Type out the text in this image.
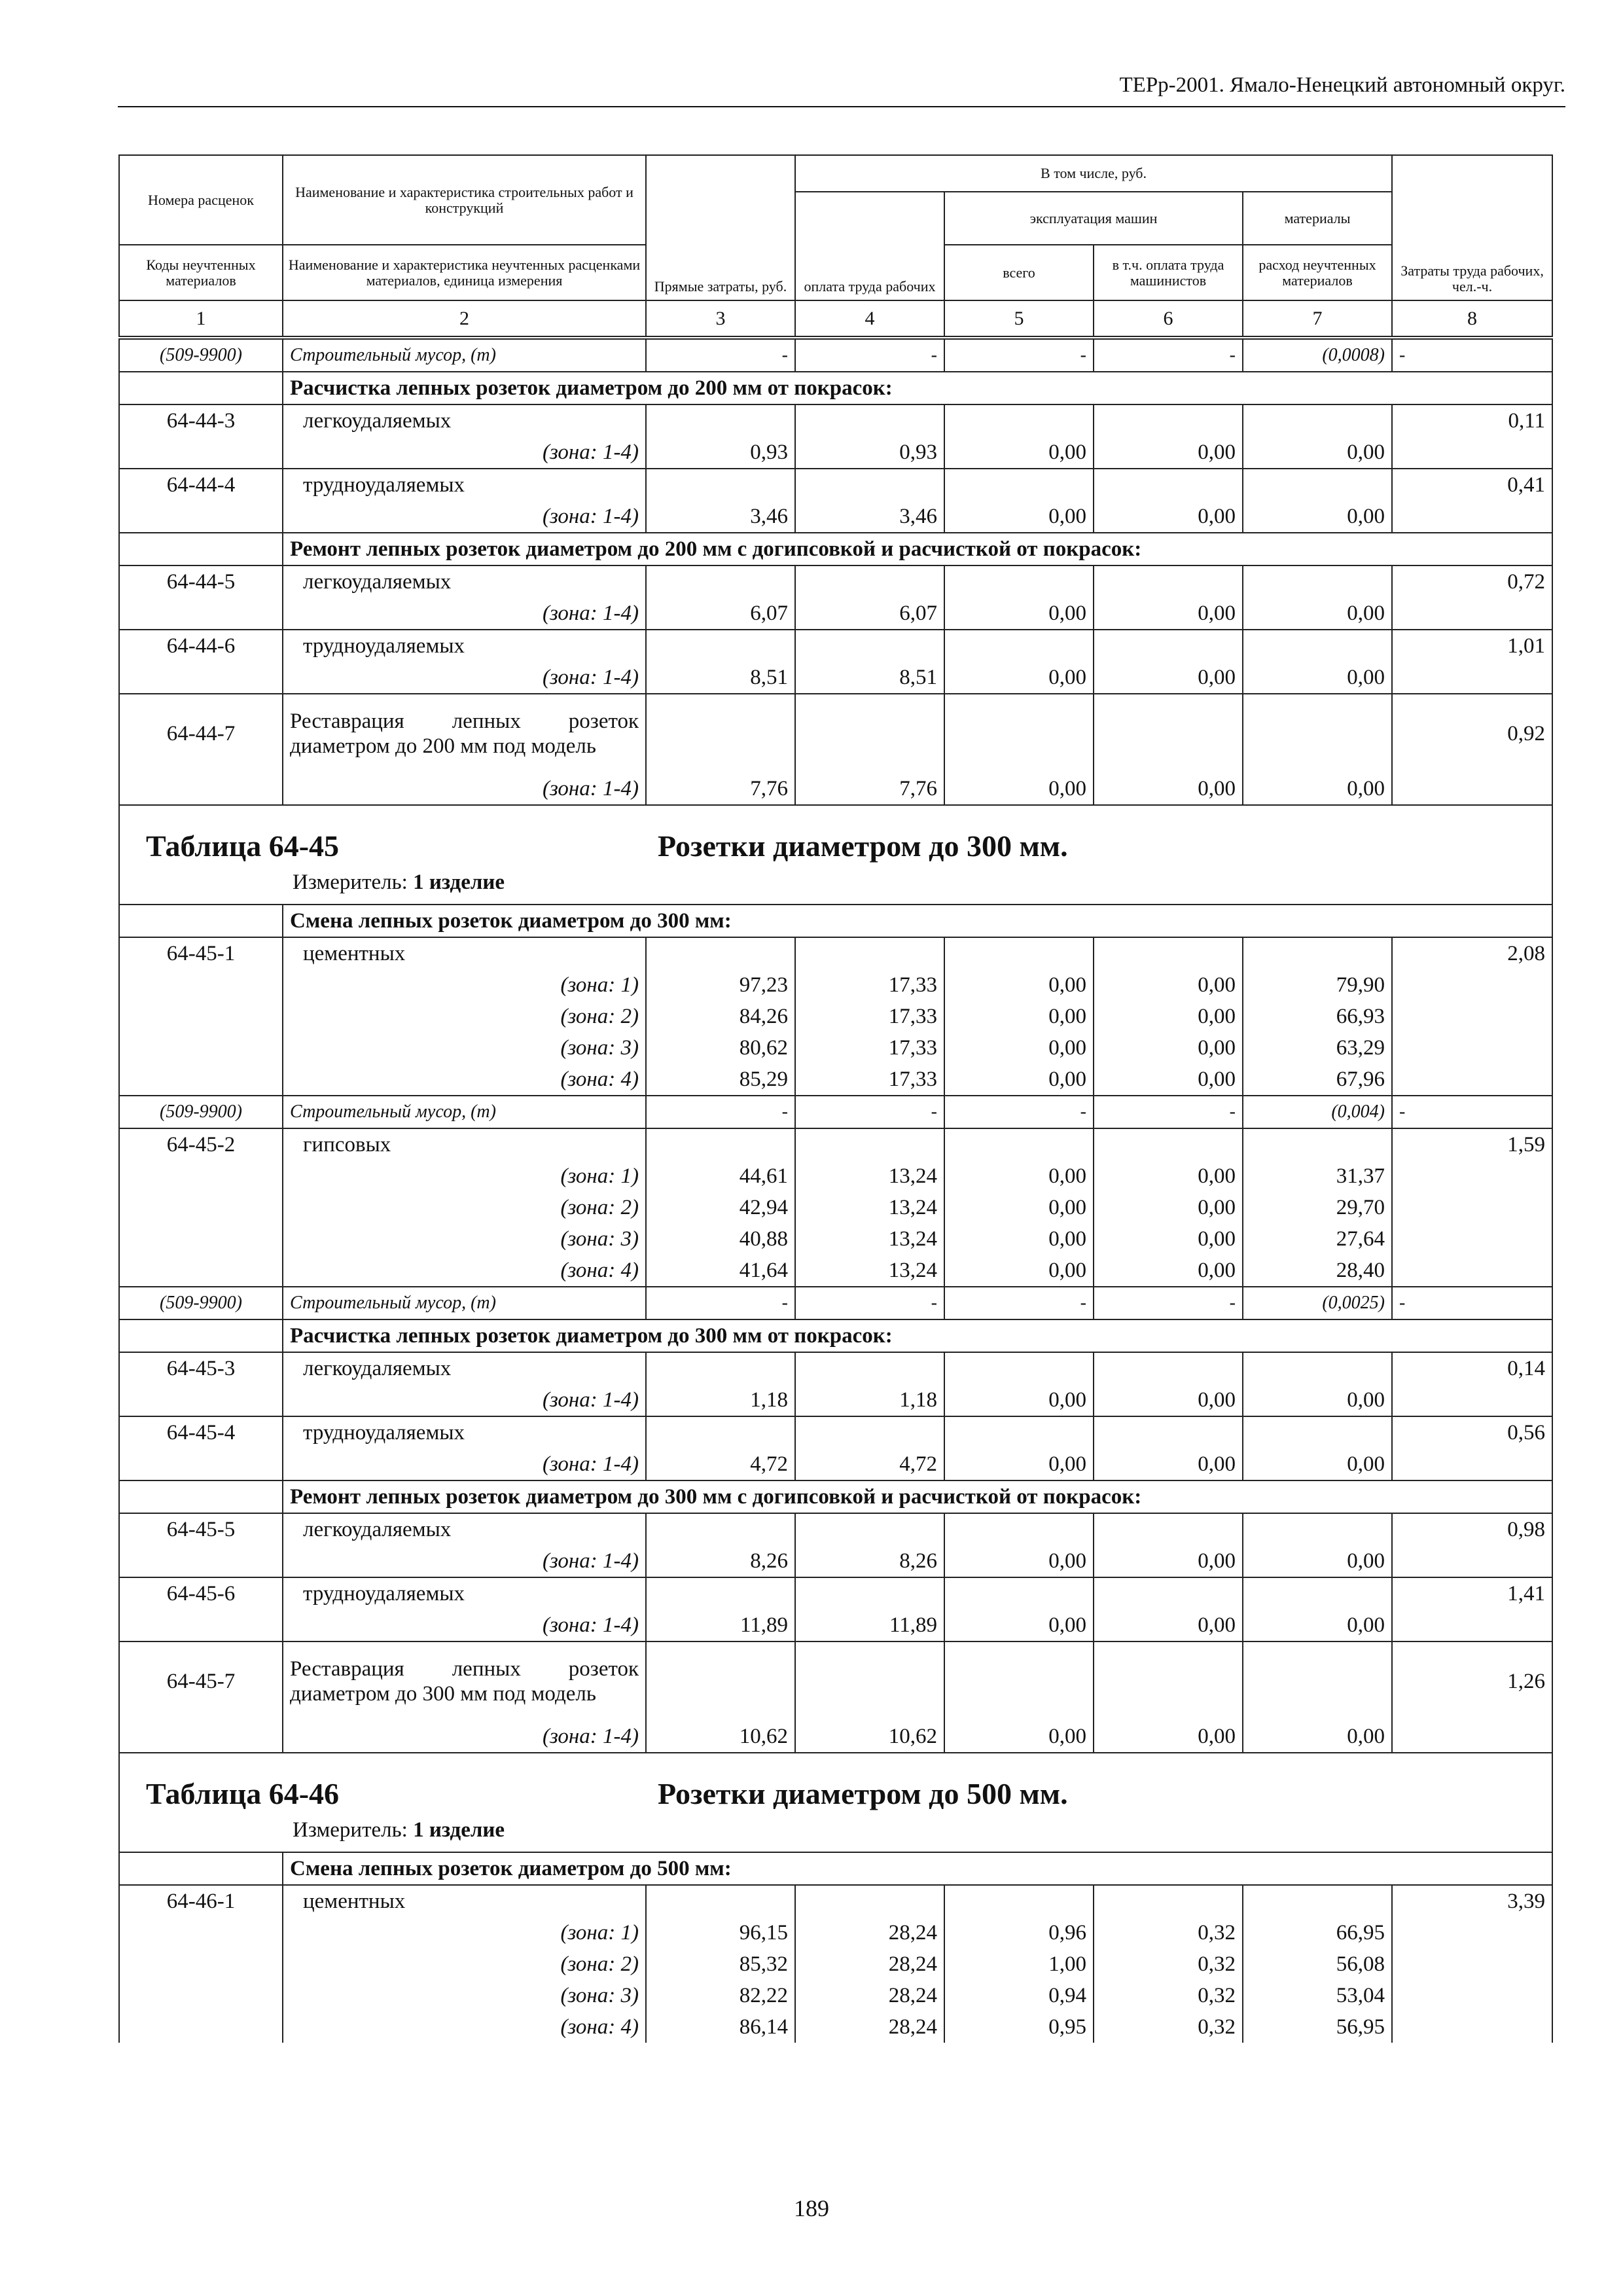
ТЕРр-2001. Ямало-Ненецкий автономный округ.
Номера расценок	Наименование и характеристика строительных работ и конструкций	Прямые затраты, руб.	В том числе, руб.				Затраты труда рабочих, чел.-ч.
			оплата труда рабочих	эксплуатация машин		материалы	
Коды неучтенных материалов	Наименование и характеристика неучтенных расценками материалов, единица измерения			всего	в т.ч. оплата труда машинистов	расход неучтенных материалов	
1	2	3	4	5	6	7	8
(509-9900)	Строительный мусор, (т)	-	-	-	-	(0,0008)	-
	Расчистка лепных розеток диаметром до 200 мм от покрасок:						
64-44-3	легкоудаляемых						0,11
	(зона: 1-4)	0,93	0,93	0,00	0,00	0,00	
64-44-4	трудноудаляемых						0,41
	(зона: 1-4)	3,46	3,46	0,00	0,00	0,00	
	Ремонт лепных розеток диаметром до 200 мм с догипсовкой и расчисткой от покрасок:						
64-44-5	легкоудаляемых						0,72
	(зона: 1-4)	6,07	6,07	0,00	0,00	0,00	
64-44-6	трудноудаляемых						1,01
	(зона: 1-4)	8,51	8,51	0,00	0,00	0,00	
64-44-7	Реставрация лепных розеток диаметром до 200 мм под модель						0,92
	(зона: 1-4)	7,76	7,76	0,00	0,00	0,00	

Таблица 64-45 Розетки диаметром до 300 мм.
Измеритель: 1 изделие							

	Смена лепных розеток диаметром до 300 мм:						
64-45-1	цементных						2,08
	(зона: 1)	97,23	17,33	0,00	0,00	79,90	
	(зона: 2)	84,26	17,33	0,00	0,00	66,93	
	(зона: 3)	80,62	17,33	0,00	0,00	63,29	
	(зона: 4)	85,29	17,33	0,00	0,00	67,96	
(509-9900)	Строительный мусор, (т)	-	-	-	-	(0,004)	-
64-45-2	гипсовых						1,59
	(зона: 1)	44,61	13,24	0,00	0,00	31,37	
	(зона: 2)	42,94	13,24	0,00	0,00	29,70	
	(зона: 3)	40,88	13,24	0,00	0,00	27,64	
	(зона: 4)	41,64	13,24	0,00	0,00	28,40	
(509-9900)	Строительный мусор, (т)	-	-	-	-	(0,0025)	-
	Расчистка лепных розеток диаметром до 300 мм от покрасок:						
64-45-3	легкоудаляемых						0,14
	(зона: 1-4)	1,18	1,18	0,00	0,00	0,00	
64-45-4	трудноудаляемых						0,56
	(зона: 1-4)	4,72	4,72	0,00	0,00	0,00	
	Ремонт лепных розеток диаметром до 300 мм с догипсовкой и расчисткой от покрасок:						
64-45-5	легкоудаляемых						0,98
	(зона: 1-4)	8,26	8,26	0,00	0,00	0,00	
64-45-6	трудноудаляемых						1,41
	(зона: 1-4)	11,89	11,89	0,00	0,00	0,00	
64-45-7	Реставрация лепных розеток диаметром до 300 мм под модель						1,26
	(зона: 1-4)	10,62	10,62	0,00	0,00	0,00	

Таблица 64-46 Розетки диаметром до 500 мм.
Измеритель: 1 изделие							

	Смена лепных розеток диаметром до 500 мм:						
64-46-1	цементных						3,39
	(зона: 1)	96,15	28,24	0,96	0,32	66,95	
	(зона: 2)	85,32	28,24	1,00	0,32	56,08	
	(зона: 3)	82,22	28,24	0,94	0,32	53,04	
	(зона: 4)	86,14	28,24	0,95	0,32	56,95	
189
